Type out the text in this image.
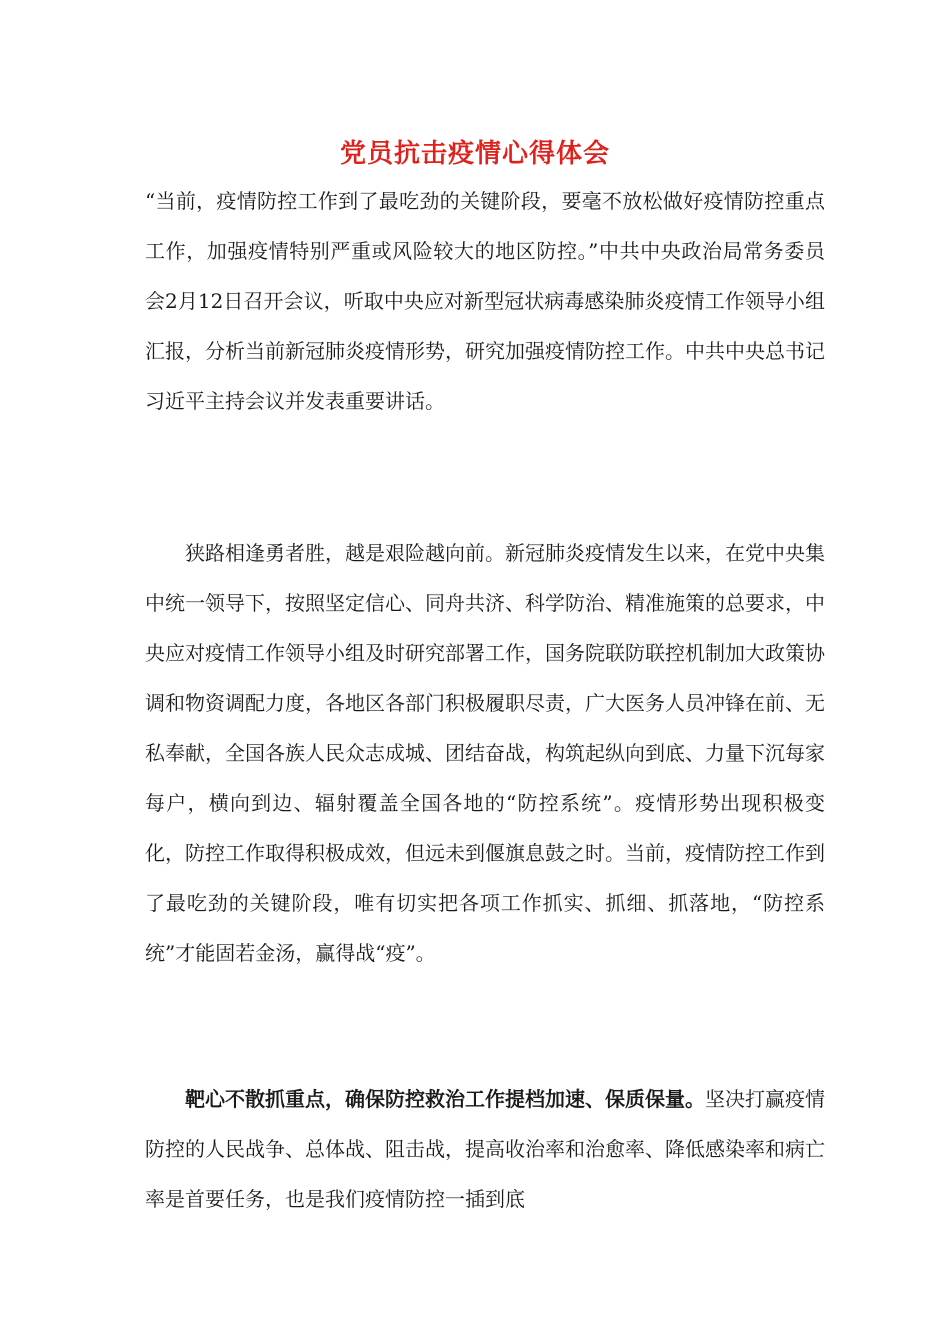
党员抗击疫情心得体会
“当前，疫情防控工作到了最吃劲的关键阶段，要毫不放松做好疫情防控重点工作，加强疫情特别严重或风险较大的地区防控。”中共中央政治局常务委员会2月12日召开会议，听取中央应对新型冠状病毒感染肺炎疫情工作领导小组汇报，分析当前新冠肺炎疫情形势，研究加强疫情防控工作。中共中央总书记习近平主持会议并发表重要讲话。
狭路相逢勇者胜，越是艰险越向前。新冠肺炎疫情发生以来，在党中央集中统一领导下，按照坚定信心、同舟共济、科学防治、精准施策的总要求，中央应对疫情工作领导小组及时研究部署工作，国务院联防联控机制加大政策协调和物资调配力度，各地区各部门积极履职尽责，广大医务人员冲锋在前、无私奉献，全国各族人民众志成城、团结奋战，构筑起纵向到底、力量下沉每家每户，横向到边、辐射覆盖全国各地的“防控系统”。疫情形势出现积极变化，防控工作取得积极成效，但远未到偃旗息鼓之时。当前，疫情防控工作到了最吃劲的关键阶段，唯有切实把各项工作抓实、抓细、抓落地，“防控系统”才能固若金汤，赢得战“疫”。
靶心不散抓重点，确保防控救治工作提档加速、保质保量。坚决打赢疫情防控的人民战争、总体战、阻击战，提高收治率和治愈率、降低感染率和病亡率是首要任务，也是我们疫情防控一插到底
